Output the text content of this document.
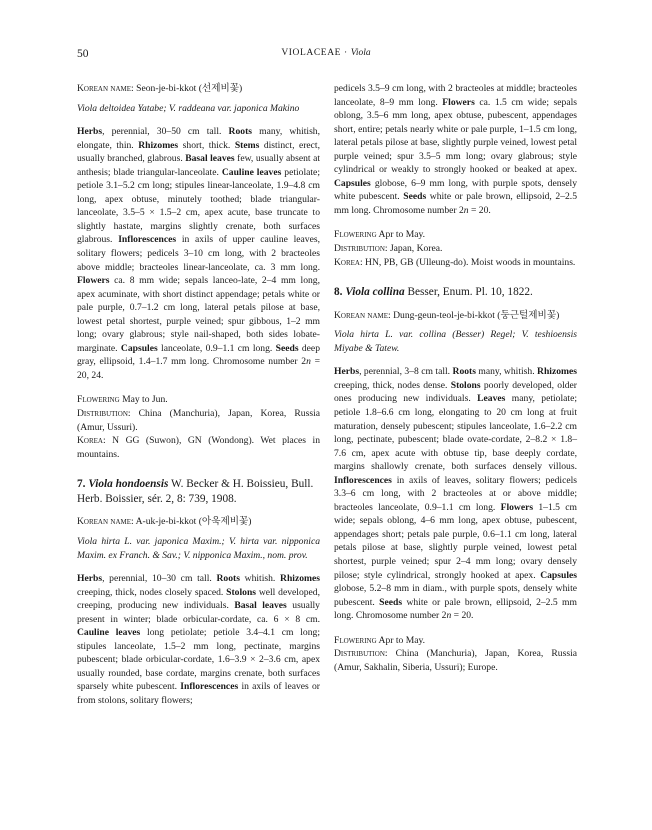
50	VIOLACEAE · Viola

Korean name: Seon-je-bi-kkot (선제비꽃)

Viola deltoidea Yatabe; V. raddeana var. japonica Makino

Herbs, perennial, 30–50 cm tall. Roots many, whitish, elongate, thin. Rhizomes short, thick. Stems distinct, erect, usually branched, glabrous. Basal leaves few, usually absent at anthesis; blade triangular-lanceolate. Cauline leaves petiolate; petiole 3.1–5.2 cm long; stipules linear-lanceolate, 1.9–4.8 cm long, apex obtuse, minutely toothed; blade triangular-lanceolate, 3.5–5 × 1.5–2 cm, apex acute, base truncate to slightly hastate, margins slightly crenate, both surfaces glabrous. Inflorescences in axils of upper cauline leaves, solitary flowers; pedicels 3–10 cm long, with 2 bracteoles above middle; bracteoles linear-lanceolate, ca. 3 mm long. Flowers ca. 8 mm wide; sepals lanceo-late, 2–4 mm long, apex acuminate, with short distinct appendage; petals white or pale purple, 0.7–1.2 cm long, lateral petals pilose at base, lowest petal shortest, purple veined; spur gibbous, 1–2 mm long; ovary glabrous; style nail-shaped, both sides lobate-marginate. Capsules lanceolate, 0.9–1.1 cm long. Seeds deep gray, ellipsoid, 1.4–1.7 mm long. Chromosome number 2n = 20, 24.

Flowering May to Jun.

Distribution: China (Manchuria), Japan, Korea, Russia (Amur, Ussuri).

Korea: N GG (Suwon), GN (Wondong). Wet places in mountains.

7. Viola hondoensis W. Becker & H. Boissieu, Bull. Herb. Boissier, sér. 2, 8: 739, 1908.

Korean name: A-uk-je-bi-kkot (아욱제비꽃)

Viola hirta L. var. japonica Maxim.; V. hirta var. nipponica Maxim. ex Franch. & Sav.; V. nipponica Maxim., nom. prov.

Herbs, perennial, 10–30 cm tall. Roots whitish. Rhizomes creeping, thick, nodes closely spaced. Stolons well developed, creeping, producing new individuals. Basal leaves usually present in winter; blade orbicular-cordate, ca. 6 × 8 cm. Cauline leaves long petiolate; petiole 3.4–4.1 cm long; stipules lanceolate, 1.5–2 mm long, pectinate, margins pubescent; blade orbicular-cordate, 1.6–3.9 × 2–3.6 cm, apex usually rounded, base cordate, margins crenate, both surfaces sparsely white pubescent. Inflorescences in axils of leaves or from stolons, solitary flowers;

pedicels 3.5–9 cm long, with 2 bracteoles at middle; bracteoles lanceolate, 8–9 mm long. Flowers ca. 1.5 cm wide; sepals oblong, 3.5–6 mm long, apex obtuse, pubescent, appendages short, entire; petals nearly white or pale purple, 1–1.5 cm long, lateral petals pilose at base, slightly purple veined, lowest petal purple veined; spur 3.5–5 mm long; ovary glabrous; style cylindrical or weakly to strongly hooked or beaked at apex. Capsules globose, 6–9 mm long, with purple spots, densely white pubescent. Seeds white or pale brown, ellipsoid, 2–2.5 mm long. Chromosome number 2n = 20.

Flowering Apr to May.

Distribution: Japan, Korea.

Korea: HN, PB, GB (Ulleung-do). Moist woods in mountains.

8. Viola collina Besser, Enum. Pl. 10, 1822.

Korean name: Dung-geun-teol-je-bi-kkot (둥근털제비꽃)

Viola hirta L. var. collina (Besser) Regel; V. teshioensis Miyabe & Tatew.

Herbs, perennial, 3–8 cm tall. Roots many, whitish. Rhizomes creeping, thick, nodes dense. Stolons poorly developed, older ones producing new individuals. Leaves many, petiolate; petiole 1.8–6.6 cm long, elongating to 20 cm long at fruit maturation, densely pubescent; stipules lanceolate, 1.6–2.2 cm long, pectinate, pubescent; blade ovate-cordate, 2–8.2 × 1.8–7.6 cm, apex acute with obtuse tip, base deeply cordate, margins shallowly crenate, both surfaces densely villous. Inflorescences in axils of leaves, solitary flowers; pedicels 3.3–6 cm long, with 2 bracteoles at or above middle; bracteoles lanceolate, 0.9–1.1 cm long. Flowers 1–1.5 cm wide; sepals oblong, 4–6 mm long, apex obtuse, pubescent, appendages short; petals pale purple, 0.6–1.1 cm long, lateral petals pilose at base, slightly purple veined, lowest petal shortest, purple veined; spur 2–4 mm long; ovary densely pilose; style cylindrical, strongly hooked at apex. Capsules globose, 5.2–8 mm in diam., with purple spots, densely white pubescent. Seeds white or pale brown, ellipsoid, 2–2.5 mm long. Chromosome number 2n = 20.

Flowering Apr to May.

Distribution: China (Manchuria), Japan, Korea, Russia (Amur, Sakhalin, Siberia, Ussuri); Europe.
